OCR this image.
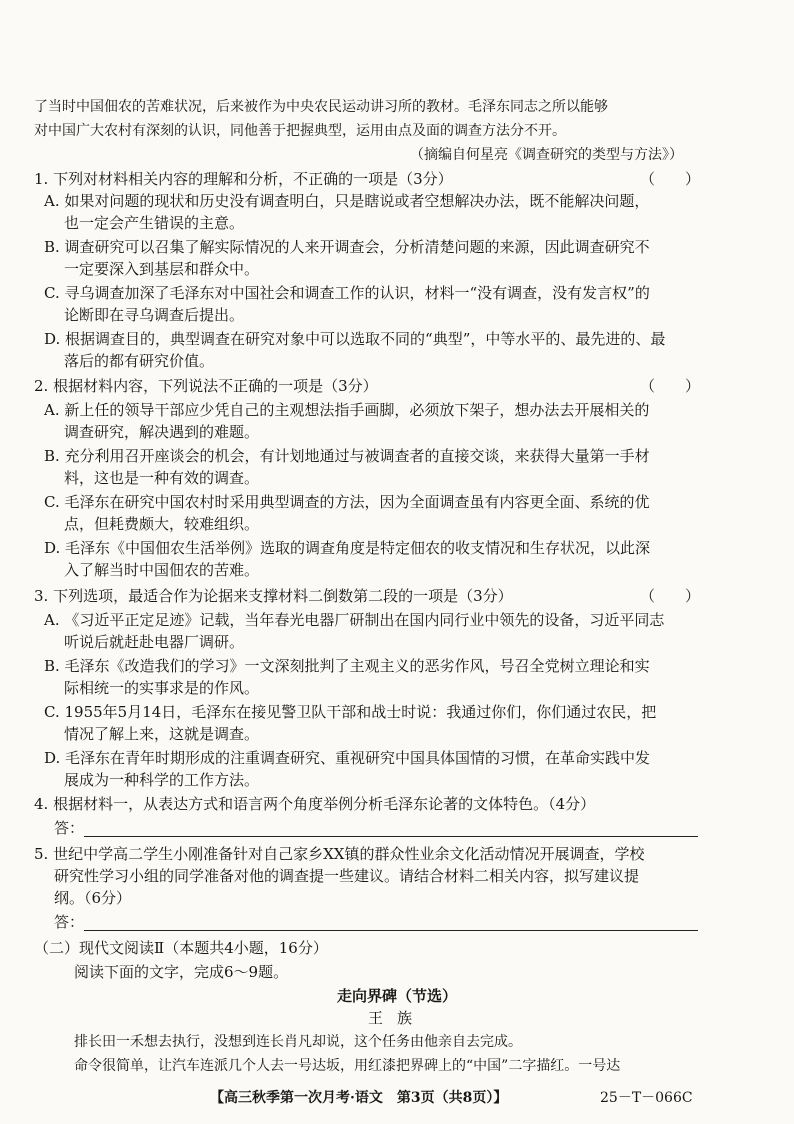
了当时中国佃农的苦难状况，后来被作为中央农民运动讲习所的教材。毛泽东同志之所以能够
对中国广大农村有深刻的认识，同他善于把握典型，运用由点及面的调查方法分不开。
（摘编自何星亮《调查研究的类型与方法》）
1. 下列对材料相关内容的理解和分析，不正确的一项是（3分）	（　　）
A. 如果对问题的现状和历史没有调查明白，只是瞎说或者空想解决办法，既不能解决问题，
也一定会产生错误的主意。
B. 调查研究可以召集了解实际情况的人来开调查会，分析清楚问题的来源，因此调查研究不
一定要深入到基层和群众中。
C. 寻乌调查加深了毛泽东对中国社会和调查工作的认识，材料一“没有调查，没有发言权”的
论断即在寻乌调查后提出。
D. 根据调查目的，典型调查在研究对象中可以选取不同的“典型”，中等水平的、最先进的、最
落后的都有研究价值。
2. 根据材料内容，下列说法不正确的一项是（3分）	（　　）
A. 新上任的领导干部应少凭自己的主观想法指手画脚，必须放下架子，想办法去开展相关的
调查研究，解决遇到的难题。
B. 充分利用召开座谈会的机会，有计划地通过与被调查者的直接交谈，来获得大量第一手材
料，这也是一种有效的调查。
C. 毛泽东在研究中国农村时采用典型调查的方法，因为全面调查虽有内容更全面、系统的优
点，但耗费颇大，较难组织。
D. 毛泽东《中国佃农生活举例》选取的调查角度是特定佃农的收支情况和生存状况，以此深
入了解当时中国佃农的苦难。
3. 下列选项，最适合作为论据来支撑材料二倒数第二段的一项是（3分）	（　　）
A. 《习近平正定足迹》记载，当年春光电器厂研制出在国内同行业中领先的设备，习近平同志
听说后就赶赴电器厂调研。
B. 毛泽东《改造我们的学习》一文深刻批判了主观主义的恶劣作风，号召全党树立理论和实
际相统一的实事求是的作风。
C. 1955年5月14日，毛泽东在接见警卫队干部和战士时说：我通过你们，你们通过农民，把
情况了解上来，这就是调查。
D. 毛泽东在青年时期形成的注重调查研究、重视研究中国具体国情的习惯，在革命实践中发
展成为一种科学的工作方法。
4. 根据材料一，从表达方式和语言两个角度举例分析毛泽东论著的文体特色。（4分）
答：
5. 世纪中学高二学生小刚准备针对自己家乡XX镇的群众性业余文化活动情况开展调查，学校
研究性学习小组的同学准备对他的调查提一些建议。请结合材料二相关内容，拟写建议提
纲。（6分）
答：
（二）现代文阅读Ⅱ（本题共4小题，16分）
阅读下面的文字，完成6～9题。
走向界碑（节选）
王族
排长田一禾想去执行，没想到连长肖凡却说，这个任务由他亲自去完成。
命令很简单，让汽车连派几个人去一号达坂，用红漆把界碑上的“中国”二字描红。一号达
【高三秋季第一次月考·语文　第3页（共8页）】	25－T－066C
